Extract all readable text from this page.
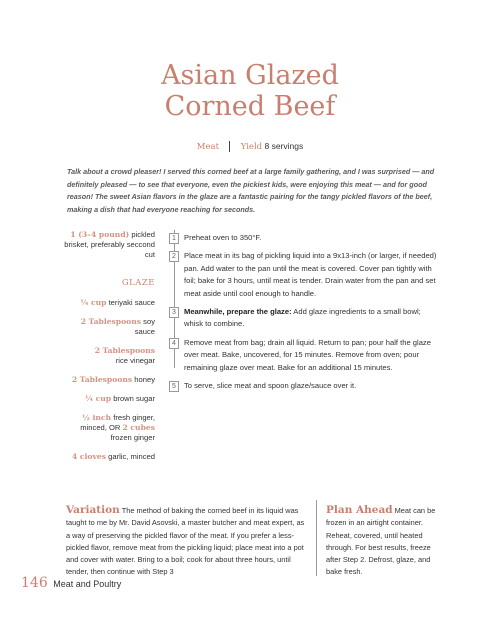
Asian Glazed
Corned Beef
Meat	Yield 8 servings

Talk about a crowd pleaser! I served this corned beef at a large family gathering, and I was surprised — and definitely pleased — to see that everyone, even the pickiest kids, were enjoying this meat — and for good reason! The sweet Asian flavors in the glaze are a fantastic pairing for the tangy pickled flavors of the beef, making a dish that had everyone reaching for seconds.

1 (3–4 pound) pickled brisket, preferably seccond cut
GLAZE
¼ cup teriyaki sauce
2 Tablespoons soy sauce
2 Tablespoons
rice vinegar
2 Tablespoons honey
¼ cup brown sugar
½ inch fresh ginger, minced, OR 2 cubes frozen ginger
4 cloves garlic, minced
1	Preheat oven to 350°F.
2	Place meat in its bag of pickling liquid into a 9x13-inch (or larger, if needed) pan. Add water to the pan until the meat is covered. Cover pan tightly with foil; bake for 3 hours, until meat is tender. Drain water from the pan and set meat aside until cool enough to handle.
3	Meanwhile, prepare the glaze: Add glaze ingredients to a small bowl; whisk to combine.
4	Remove meat from bag; drain all liquid. Return to pan; pour half the glaze over meat. Bake, uncovered, for 15 minutes. Remove from oven; pour remaining glaze over meat. Bake for an additional 15 minutes.
5	To serve, slice meat and spoon glaze/sauce over it.
Variation The method of baking the corned beef in its liquid was taught to me by Mr. David Asovski, a master butcher and meat expert, as a way of preserving the pickled flavor of the meat. If you prefer a less-pickled flavor, remove meat from the pickling liquid; place meat into a pot and cover with water. Bring to a boil; cook for about three hours, until tender, then continue with Step 3
Plan Ahead Meat can be frozen in an airtight container. Reheat, covered, until heated through. For best results, freeze after Step 2. Defrost, glaze, and bake fresh.
146 Meat and Poultry
